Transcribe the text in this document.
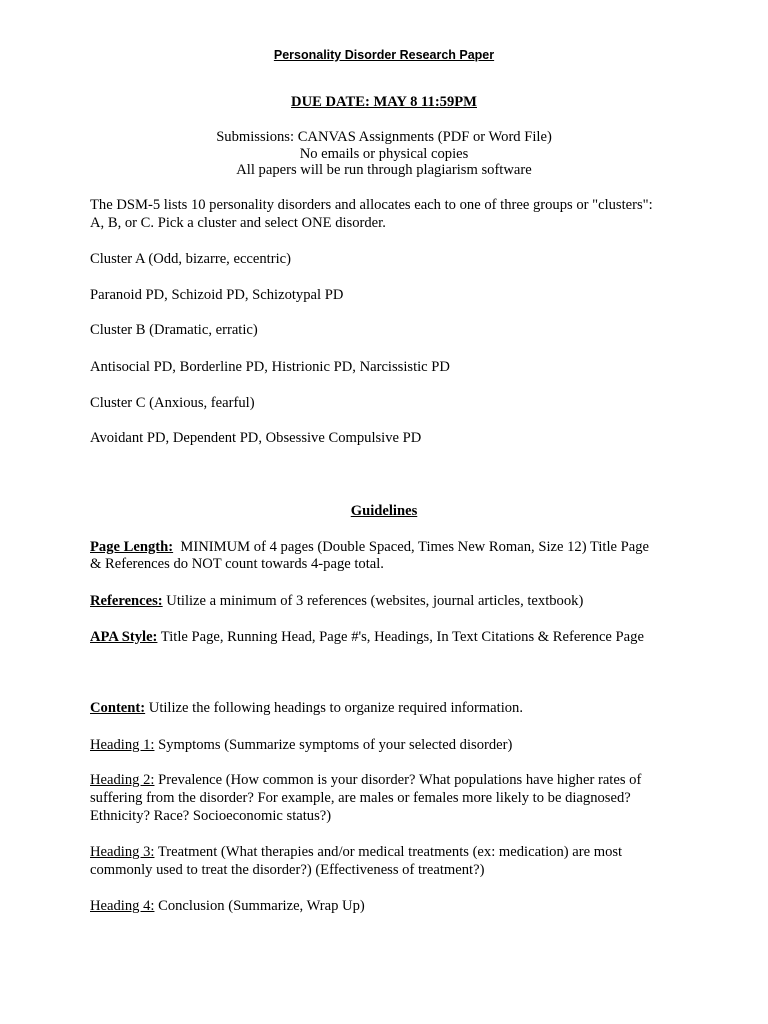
Personality Disorder Research Paper
DUE DATE: MAY 8 11:59PM
Submissions: CANVAS Assignments (PDF or Word File)
No emails or physical copies
All papers will be run through plagiarism software
The DSM-5 lists 10 personality disorders and allocates each to one of three groups or "clusters":
A, B, or C. Pick a cluster and select ONE disorder.
Cluster A (Odd, bizarre, eccentric)
Paranoid PD, Schizoid PD, Schizotypal PD
Cluster B (Dramatic, erratic)
Antisocial PD, Borderline PD, Histrionic PD, Narcissistic PD
Cluster C (Anxious, fearful)
Avoidant PD, Dependent PD, Obsessive Compulsive PD
Guidelines
Page Length:  MINIMUM of 4 pages (Double Spaced, Times New Roman, Size 12) Title Page
& References do NOT count towards 4-page total.
References: Utilize a minimum of 3 references (websites, journal articles, textbook)
APA Style: Title Page, Running Head, Page #'s, Headings, In Text Citations & Reference Page
Content: Utilize the following headings to organize required information.
Heading 1: Symptoms (Summarize symptoms of your selected disorder)
Heading 2: Prevalence (How common is your disorder? What populations have higher rates of
suffering from the disorder? For example, are males or females more likely to be diagnosed?
Ethnicity? Race? Socioeconomic status?)
Heading 3: Treatment (What therapies and/or medical treatments (ex: medication) are most
commonly used to treat the disorder?) (Effectiveness of treatment?)
Heading 4: Conclusion (Summarize, Wrap Up)
